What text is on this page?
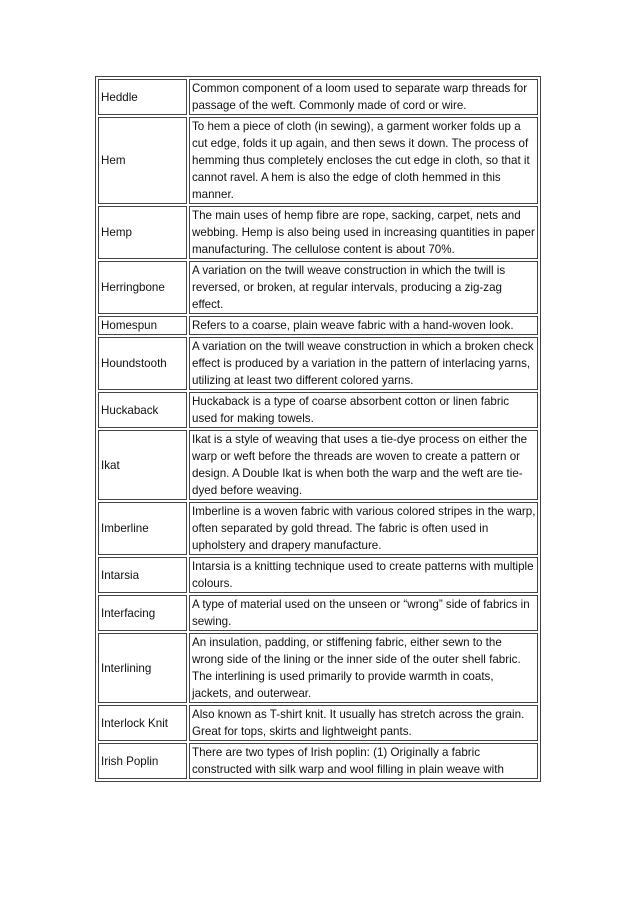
Heddle	Common component of a loom used to separate warp threads for passage of the weft. Commonly made of cord or wire.
Hem	To hem a piece of cloth (in sewing), a garment worker folds up a cut edge, folds it up again, and then sews it down. The process of hemming thus completely encloses the cut edge in cloth, so that it cannot ravel. A hem is also the edge of cloth hemmed in this manner.
Hemp	The main uses of hemp fibre are rope, sacking, carpet, nets and webbing. Hemp is also being used in increasing quantities in paper manufacturing. The cellulose content is about 70%.
Herringbone	A variation on the twill weave construction in which the twill is reversed, or broken, at regular intervals, producing a zig-zag effect.
Homespun	Refers to a coarse, plain weave fabric with a hand-woven look.
Houndstooth	A variation on the twill weave construction in which a broken check effect is produced by a variation in the pattern of interlacing yarns, utilizing at least two different colored yarns.
Huckaback	Huckaback is a type of coarse absorbent cotton or linen fabric used for making towels.
Ikat	Ikat is a style of weaving that uses a tie-dye process on either the warp or weft before the threads are woven to create a pattern or design. A Double Ikat is when both the warp and the weft are tie-dyed before weaving.
Imberline	Imberline is a woven fabric with various colored stripes in the warp, often separated by gold thread. The fabric is often used in upholstery and drapery manufacture.
Intarsia	Intarsia is a knitting technique used to create patterns with multiple colours.
Interfacing	A type of material used on the unseen or “wrong” side of fabrics in sewing.
Interlining	An insulation, padding, or stiffening fabric, either sewn to the wrong side of the lining or the inner side of the outer shell fabric. The interlining is used primarily to provide warmth in coats, jackets, and outerwear.
Interlock Knit	Also known as T-shirt knit. It usually has stretch across the grain. Great for tops, skirts and lightweight pants.
Irish Poplin	There are two types of Irish poplin: (1) Originally a fabric constructed with silk warp and wool filling in plain weave with
